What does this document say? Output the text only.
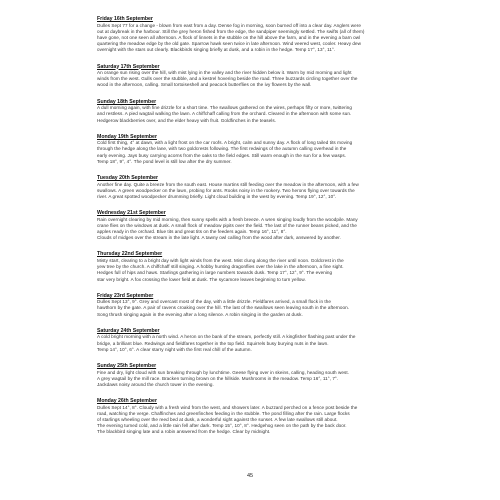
Friday 16th September
Dulles Sept 77 for a change - blown from east from a day. Dense fog in morning, soon burned off into a clear day. Anglers were
out at daybreak in the harbour. Still the grey heron fished from the edge, the sandpiper seemingly settled. The swifts (all of them)
have gone, not one seen all afternoon. A flock of linnets in the stubble on the hill above the farm, and in the evening a barn owl
quartering the meadow edge by the old gate. Sparrow hawk seen twice in late afternoon. Wind veered west, cooler. Heavy dew
overnight with the stars out clearly. Blackbirds singing briefly at dusk, and a robin in the hedge. Temp 17°, 13°, 11°.
Saturday 17th September
An orange sun rising over the hill, with mist lying in the valley and the river hidden below it. Warm by mid morning and light
winds from the west. Gulls over the stubble, and a kestrel hovering beside the road. Three buzzards circling together over the
wood in the afternoon, calling. Small tortoiseshell and peacock butterflies on the ivy flowers by the wall.
Sunday 18th September
A dull morning again, with fine drizzle for a short time. The swallows gathered on the wires, perhaps fifty or more, twittering
and restless. A pied wagtail walking the lawn. A chiffchaff calling from the orchard. Cleared in the afternoon with some sun.
Hedgerow blackberries over, and the elder heavy with fruit. Goldfinches in the teasels.
Monday 19th September
Cold first thing, 4° at dawn, with a light frost on the car roofs. A bright, calm and sunny day. A flock of long tailed tits moving
through the hedge along the lane, with two goldcrests following. The first redwings of the autumn calling overhead in the
early evening. Jays busy carrying acorns from the oaks to the field edges. Still warm enough in the sun for a few wasps.
Temp 18°, 9°, 4°. The pond level is still low after the dry summer.
Tuesday 20th September
Another fine day. Quite a breeze from the south east. House martins still feeding over the meadow in the afternoon, with a few
swallows. A green woodpecker on the lawn, probing for ants. Rooks noisy in the rookery. Two herons flying over towards the
river. A great spotted woodpecker drumming briefly. Light cloud building in the west by evening. Temp 19°, 12°, 10°.
Wednesday 21st September
Rain overnight clearing by mid morning, then sunny spells with a fresh breeze. A wren singing loudly from the woodpile. Many
crane flies on the windows at dusk. A small flock of meadow pipits over the field. The last of the runner beans picked, and the
apples ready in the orchard. Blue tits and great tits on the feeders again. Temp 16°, 11°, 8°.
Clouds of midges over the stream in the late light. A tawny owl calling from the wood after dark, answered by another.
Thursday 22nd September
Misty start, clearing to a bright day with light winds from the west. Mist clung along the river until noon. Goldcrest in the
yew tree by the church. A chiffchaff still singing. A hobby hunting dragonflies over the lake in the afternoon, a fine sight.
Hedges full of hips and haws. Starlings gathering in large numbers towards dusk. Temp 17°, 12°, 9°. The evening
star very bright. A fox crossing the lower field at dusk. The sycamore leaves beginning to turn yellow.
Friday 23rd September
Dulles Sept 13°, 9°. Grey and overcast most of the day, with a little drizzle. Fieldfares arrived, a small flock in the
hawthorn by the gate. A pair of ravens croaking over the hill. The last of the swallows seen leaving south in the afternoon.
Song thrush singing again in the evening after a long silence. A robin singing in the garden at dusk.
Saturday 24th September
A cold bright morning with a north wind. A heron on the bank of the stream, perfectly still. A kingfisher flashing past under the
bridge, a brilliant blue. Redwings and fieldfares together in the top field. Squirrels busy burying nuts in the lawn.
Temp 14°, 10°, 6°. A clear starry night with the first real chill of the autumn.
Sunday 25th September
Fine and dry, light cloud with sun breaking through by lunchtime. Geese flying over in skeins, calling, heading south west.
A grey wagtail by the mill race. Bracken turning brown on the hillside. Mushrooms in the meadow. Temp 16°, 11°, 7°.
Jackdaws noisy around the church tower in the evening.
Monday 26th September
Dulles Sept 14°, 8°. Cloudy with a fresh wind from the west, and showers later. A buzzard perched on a fence post beside the
road, watching the verge. Chaffinches and greenfinches feeding in the stubble. The pond filling after the rain. Large flocks
of starlings wheeling over the reed bed at dusk, a wonderful sight against the sunset. A few late swallows still about.
The evening turned cold, and a little rain fell after dark. Temp 15°, 10°, 8°. Hedgehog seen on the path by the back door.
The blackbird singing late and a robin answered from the hedge. Clear by midnight.
45
